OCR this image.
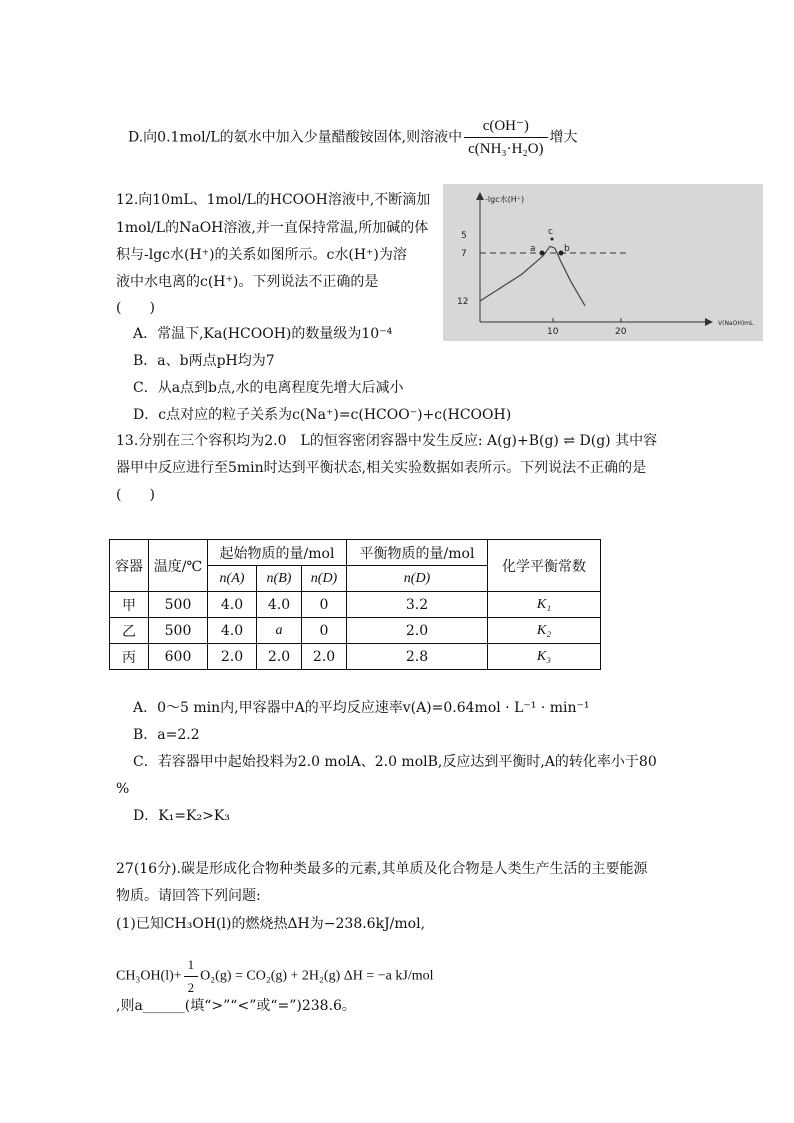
D.向0.1mol/L的氨水中加入少量醋酸铵固体,则溶液中 $\frac{c(OH^-)}{\text{c(NH₃·H₂O)}}$ 增大
12.向10mL、1mol/L的HCOOH溶液中,不断滴加
1mol/L的NaOH溶液,并一直保持常温,所加碱的体
积与-lgc水(H⁺)的关系如图所示。c水(H⁺)为溶
液中水电离的c(H⁺)。下列说法不正确的是
(　　)
A．常温下,Ka(HCOOH)的数量级为10⁻⁴
B．a、b两点pH均为7
C．从a点到b点,水的电离程度先增大后减小
D．c点对应的粒子关系为c(Na⁺)=c(HCOO⁻)+c(HCOOH)
-lgc水(H⁺)
V(NaOH)mL
5
7
12
10	20
a	b
c
13.分别在三个容积均为2.0　L的恒容密闭容器中发生反应: A(g)+B(g) ⇌ D(g) 其中容
器甲中反应进行至5min时达到平衡状态,相关实验数据如表所示。下列说法不正确的是
(　　)
容器	温度/℃	起始物质的量/mol			平衡物质的量/mol	化学平衡常数
		n(A)	n(B)	n(D)	n(D)	
甲	500	4.0	4.0	0	3.2	K₁
乙	500	4.0	a	0	2.0	K₂
丙	600	2.0	2.0	2.0	2.8	K₃
A．0～5 min内,甲容器中A的平均反应速率v(A)=0.64mol · L⁻¹ · min⁻¹
B．a=2.2
C．若容器甲中起始投料为2.0 molA、2.0 molB,反应达到平衡时,A的转化率小于80
%
D．K₁=K₂>K₃
27(16分).碳是形成化合物种类最多的元素,其单质及化合物是人类生产生活的主要能源
物质。请回答下列问题:
(1)已知CH₃OH(l)的燃烧热ΔH为−238.6kJ/mol,
$CH_3OH(l)+ \frac{1}{2} O_2(g) = CO_2(g) + 2H_2(g) \Delta H = -a$ kJ/mol
,则a______(填“>”“<”或“=”)238.6。
